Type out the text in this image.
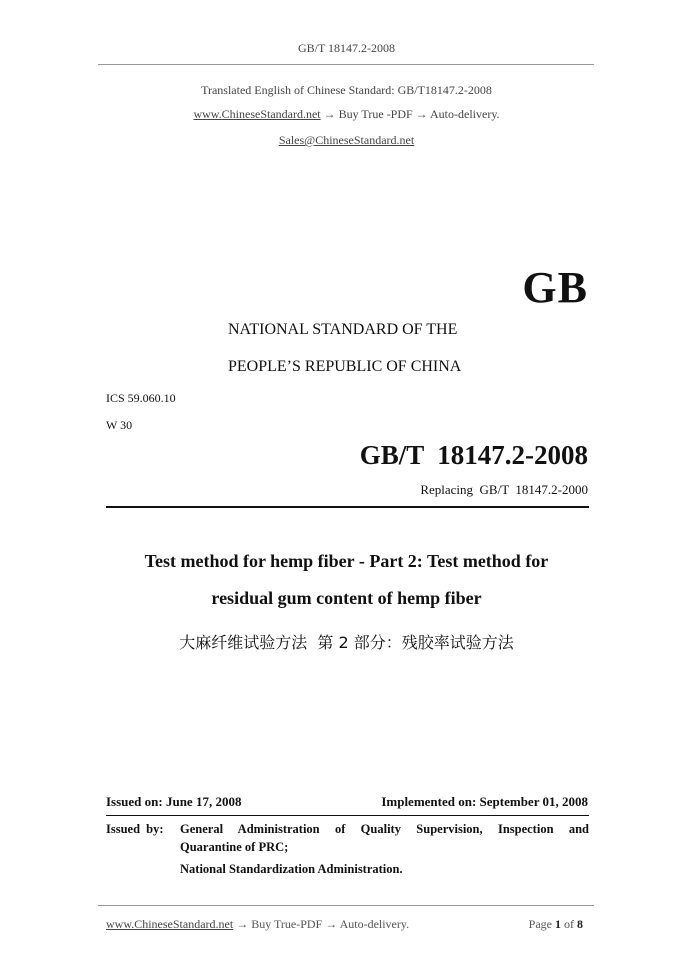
GB/T 18147.2-2008
Translated English of Chinese Standard: GB/T18147.2-2008
www.ChineseStandard.net → Buy True -PDF → Auto-delivery.
Sales@ChineseStandard.net
GB
NATIONAL STANDARD OF THE
PEOPLE’S REPUBLIC OF CHINA
ICS 59.060.10
W 30
GB/T  18147.2-2008
Replacing  GB/T  18147.2-2000
Test method for hemp fiber - Part 2: Test method for
residual gum content of hemp fiber
大麻纤维试验方法  第 2 部分：残胶率试验方法
Issued on: June 17, 2008	Implemented on: September 01, 2008
Issued by: General Administration of Quality Supervision, Inspection and
Quarantine of PRC;
National Standardization Administration.
www.ChineseStandard.net → Buy True-PDF → Auto-delivery.	Page 1 of 8
